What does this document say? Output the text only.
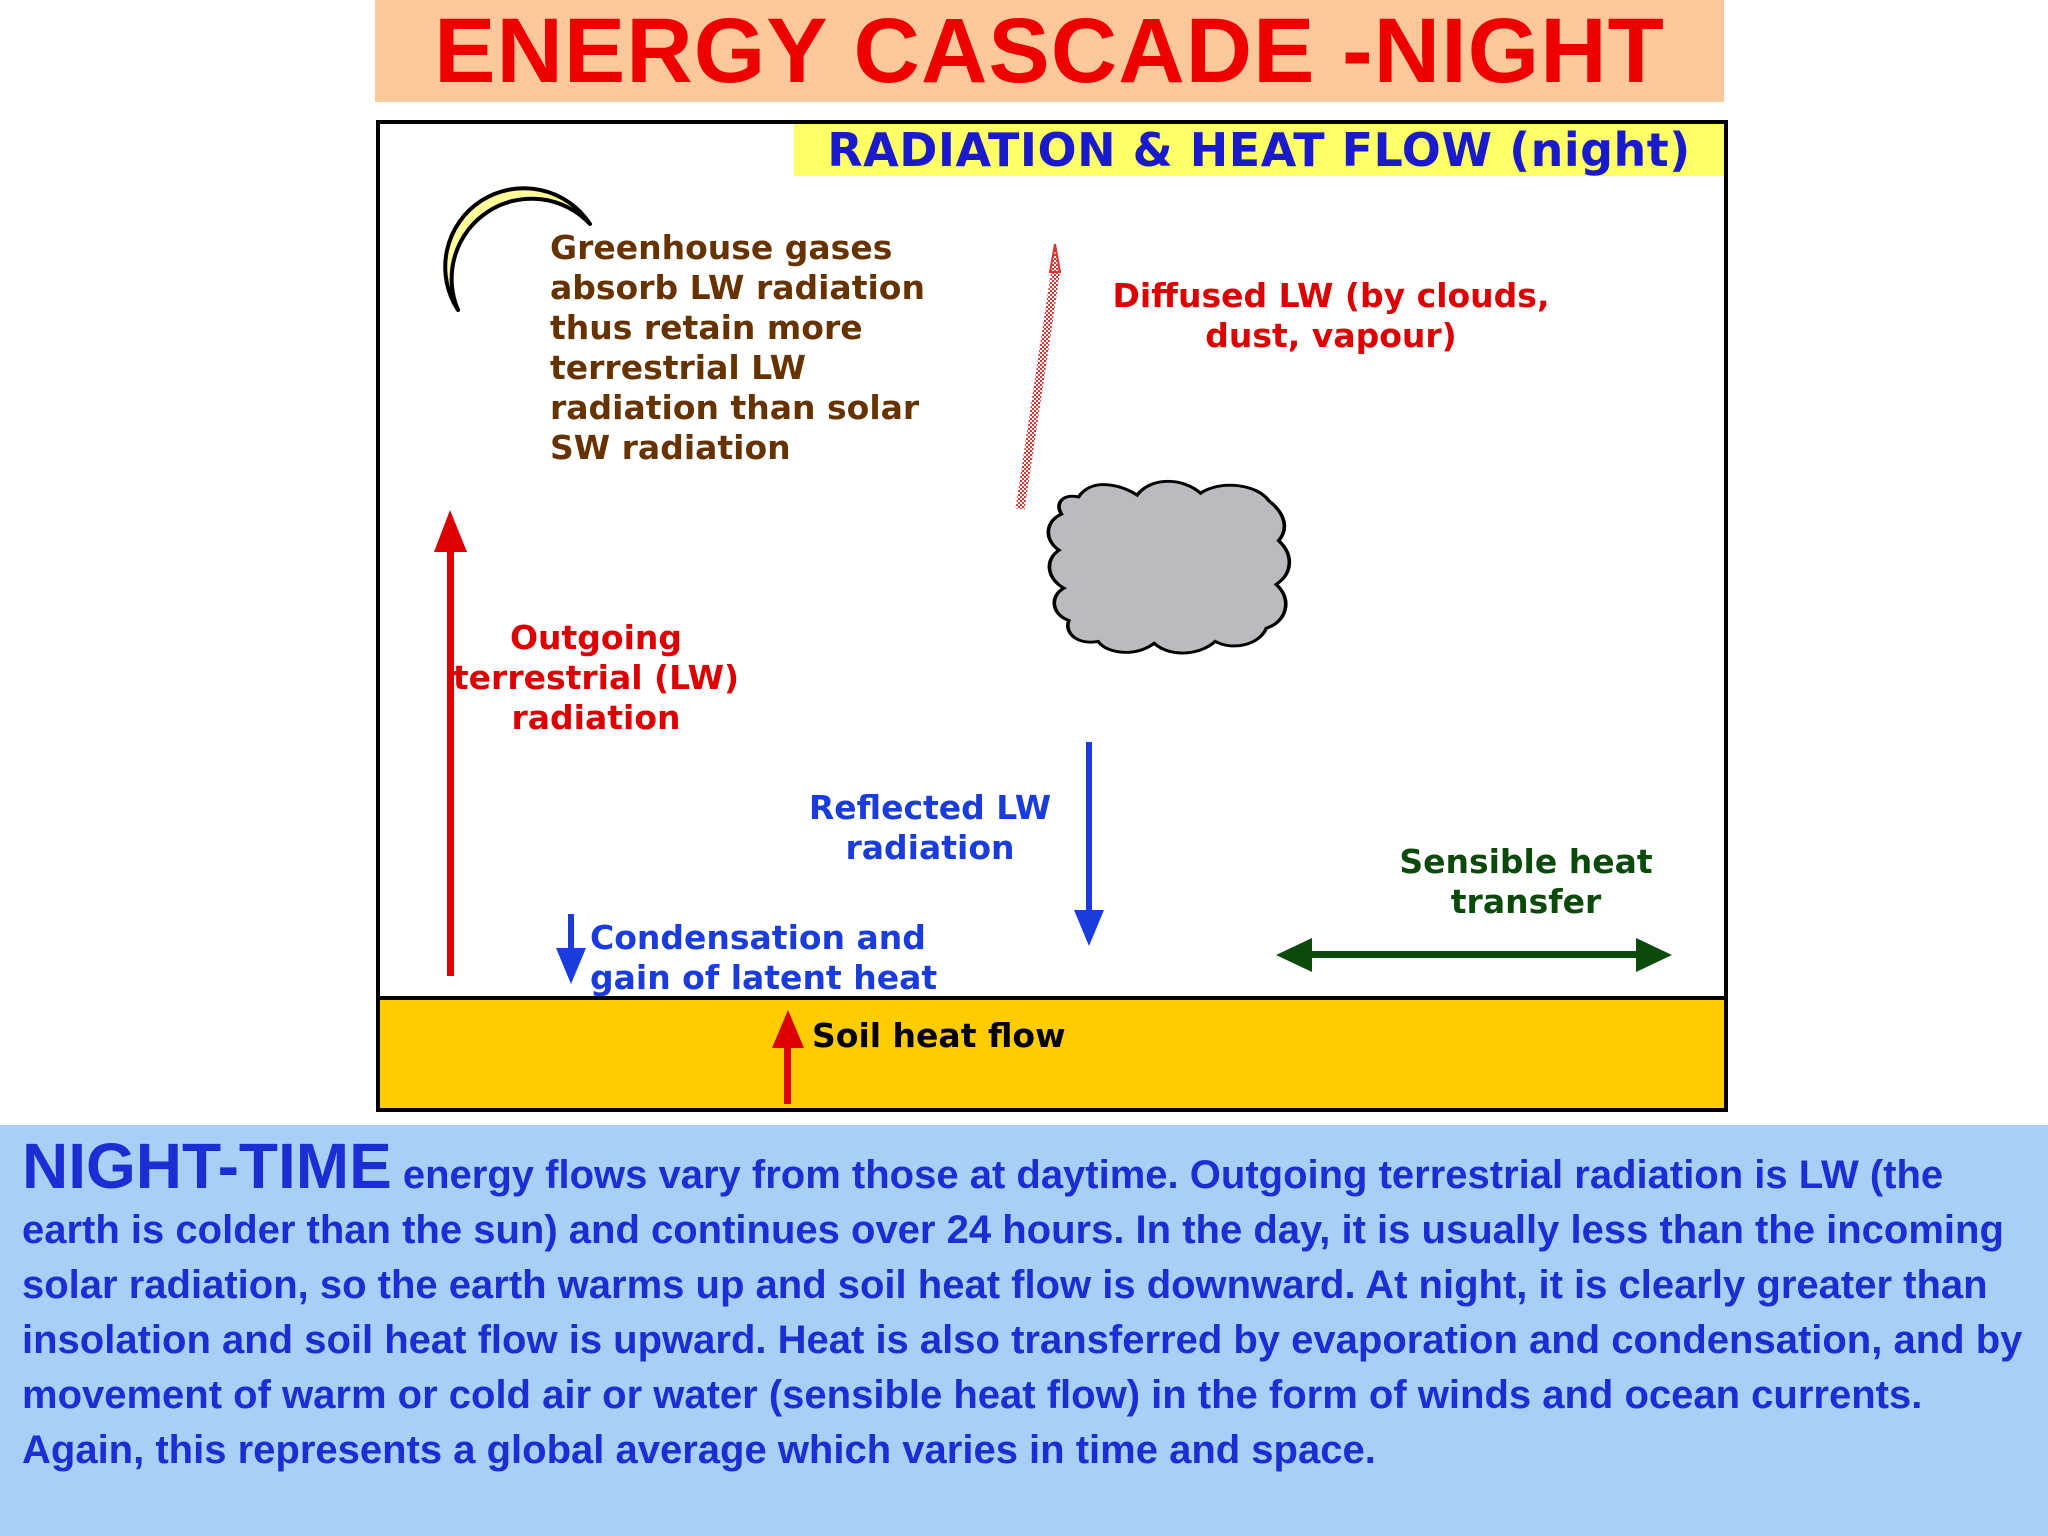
ENERGY CASCADE -NIGHT
RADIATION & HEAT FLOW (night)
Greenhouse gases
absorb LW radiation
thus retain more
terrestrial LW
radiation than solar
SW radiation
Diffused LW (by clouds,
dust, vapour)
Outgoing
terrestrial (LW)
radiation
Reflected LW
radiation	Sensible heat
transfer
Condensation and
gain of latent heat
Soil heat flow

NIGHT-TIME energy flows vary from those at daytime. Outgoing terrestrial radiation is LW (the earth is colder than the sun) and continues over 24 hours. In the day, it is usually less than the incoming solar radiation, so the earth warms up and soil heat flow is downward. At night, it is clearly greater than insolation and soil heat flow is upward. Heat is also transferred by evaporation and condensation, and by movement of warm or cold air or water (sensible heat flow) in the form of winds and ocean currents. Again, this represents a global average which varies in time and space.
